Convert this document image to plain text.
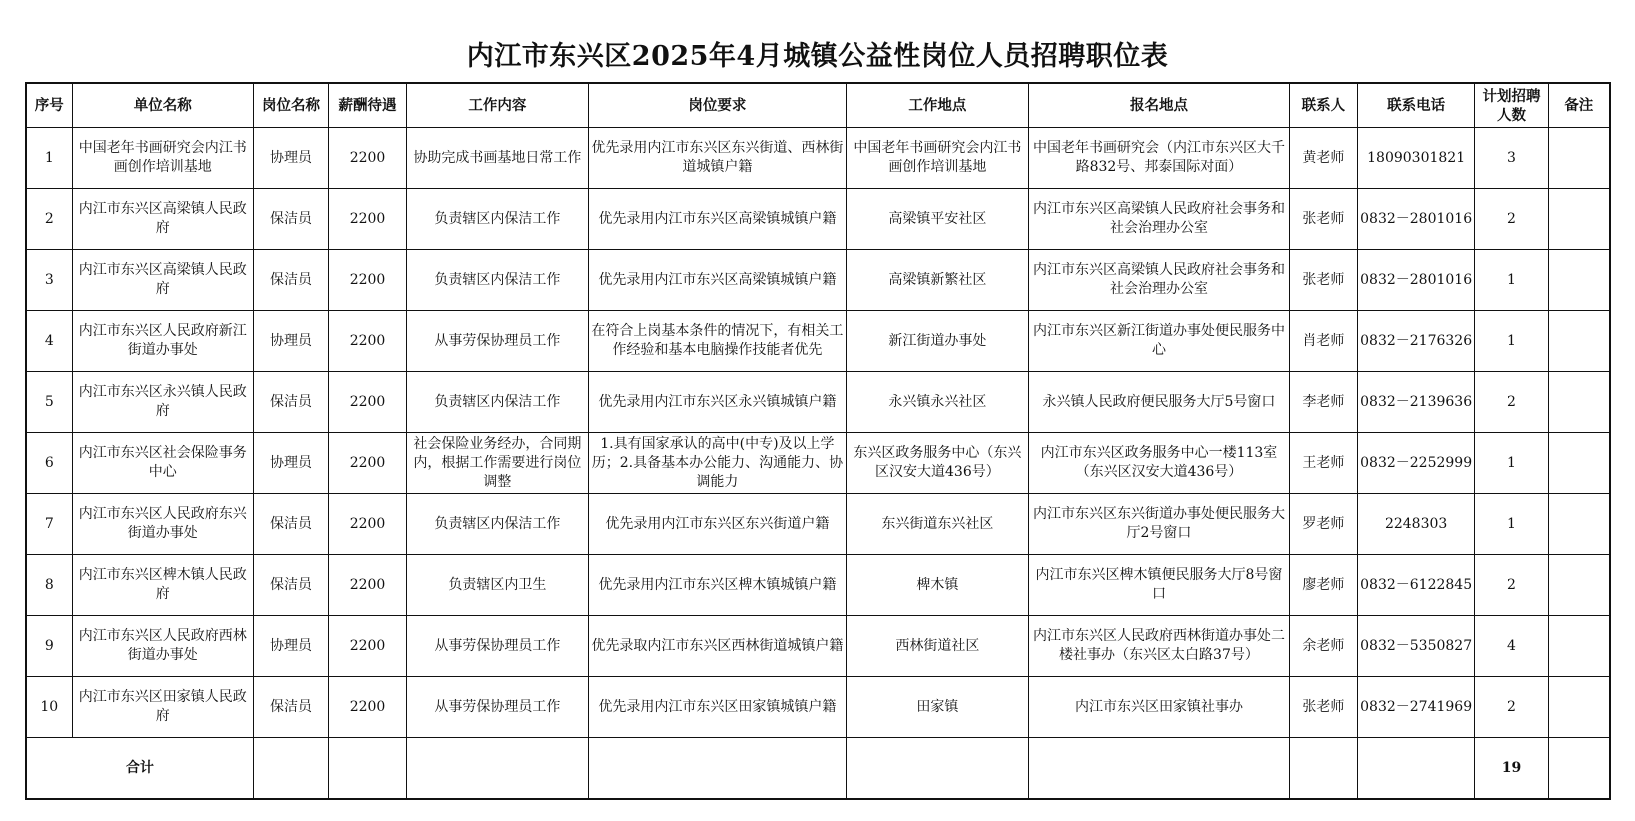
内江市东兴区2025年4月城镇公益性岗位人员招聘职位表
序号	单位名称	岗位名称	薪酬待遇	工作内容	岗位要求	工作地点	报名地点	联系人	联系电话	计划招聘人数	备注
1	中国老年书画研究会内江书画创作培训基地	协理员	2200	协助完成书画基地日常工作	优先录用内江市东兴区东兴街道、西林街道城镇户籍	中国老年书画研究会内江书画创作培训基地	中国老年书画研究会（内江市东兴区大千路832号、邦泰国际对面）	黄老师	18090301821	3	
2	内江市东兴区高梁镇人民政府	保洁员	2200	负责辖区内保洁工作	优先录用内江市东兴区高梁镇城镇户籍	高梁镇平安社区	内江市东兴区高梁镇人民政府社会事务和社会治理办公室	张老师	0832－2801016	2	
3	内江市东兴区高梁镇人民政府	保洁员	2200	负责辖区内保洁工作	优先录用内江市东兴区高梁镇城镇户籍	高梁镇新繁社区	内江市东兴区高梁镇人民政府社会事务和社会治理办公室	张老师	0832－2801016	1	
4	内江市东兴区人民政府新江街道办事处	协理员	2200	从事劳保协理员工作	在符合上岗基本条件的情况下，有相关工作经验和基本电脑操作技能者优先	新江街道办事处	内江市东兴区新江街道办事处便民服务中心	肖老师	0832－2176326	1	
5	内江市东兴区永兴镇人民政府	保洁员	2200	负责辖区内保洁工作	优先录用内江市东兴区永兴镇城镇户籍	永兴镇永兴社区	永兴镇人民政府便民服务大厅5号窗口	李老师	0832－2139636	2	
6	内江市东兴区社会保险事务中心	协理员	2200	社会保险业务经办，合同期内，根据工作需要进行岗位调整	1.具有国家承认的高中(中专)及以上学历；2.具备基本办公能力、沟通能力、协调能力	东兴区政务服务中心（东兴区汉安大道436号）	内江市东兴区政务服务中心一楼113室（东兴区汉安大道436号）	王老师	0832－2252999	1	
7	内江市东兴区人民政府东兴街道办事处	保洁员	2200	负责辖区内保洁工作	优先录用内江市东兴区东兴街道户籍	东兴街道东兴社区	内江市东兴区东兴街道办事处便民服务大厅2号窗口	罗老师	2248303	1	
8	内江市东兴区椑木镇人民政府	保洁员	2200	负责辖区内卫生	优先录用内江市东兴区椑木镇城镇户籍	椑木镇	内江市东兴区椑木镇便民服务大厅8号窗口	廖老师	0832－6122845	2	
9	内江市东兴区人民政府西林街道办事处	协理员	2200	从事劳保协理员工作	优先录取内江市东兴区西林街道城镇户籍	西林街道社区	内江市东兴区人民政府西林街道办事处二楼社事办（东兴区太白路37号）	余老师	0832－5350827	4	
10	内江市东兴区田家镇人民政府	保洁员	2200	从事劳保协理员工作	优先录用内江市东兴区田家镇城镇户籍	田家镇	内江市东兴区田家镇社事办	张老师	0832－2741969	2	
合计										19	
